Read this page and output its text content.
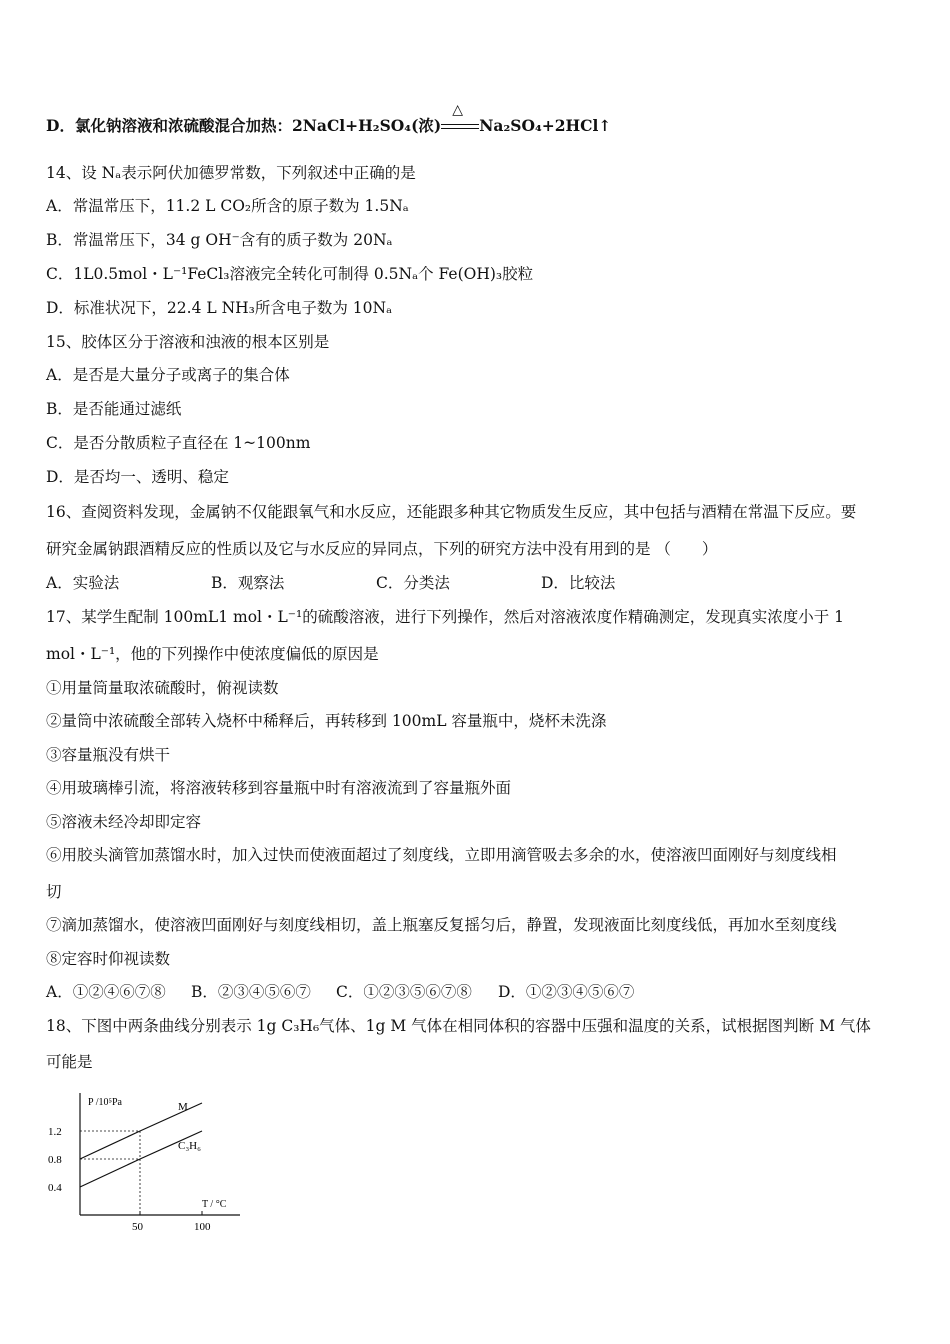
D．氯化钠溶液和浓硫酸混合加热：2NaCl+H₂SO₄(浓)
△
Na₂SO₄+2HCl↑
14、设 Nₐ表示阿伏加德罗常数，下列叙述中正确的是
A．常温常压下，11.2 L CO₂所含的原子数为 1.5Nₐ
B．常温常压下，34 g OH⁻含有的质子数为 20Nₐ
C．1L0.5mol・L⁻¹FeCl₃溶液完全转化可制得 0.5Nₐ个 Fe(OH)₃胶粒
D．标准状况下，22.4 L NH₃所含电子数为 10Nₐ
15、胶体区分于溶液和浊液的根本区别是
A．是否是大量分子或离子的集合体
B．是否能通过滤纸
C．是否分散质粒子直径在 1~100nm
D．是否均一、透明、稳定
16、查阅资料发现，金属钠不仅能跟氧气和水反应，还能跟多种其它物质发生反应，其中包括与酒精在常温下反应。要
研究金属钠跟酒精反应的性质以及它与水反应的异同点，下列的研究方法中没有用到的是 （　　）
A．实验法	B．观察法	C．分类法	D．比较法
17、某学生配制 100mL1 mol・L⁻¹的硫酸溶液，进行下列操作，然后对溶液浓度作精确测定，发现真实浓度小于 1
mol・L⁻¹，他的下列操作中使浓度偏低的原因是
①用量筒量取浓硫酸时，俯视读数
②量筒中浓硫酸全部转入烧杯中稀释后，再转移到 100mL 容量瓶中，烧杯未洗涤
③容量瓶没有烘干
④用玻璃棒引流，将溶液转移到容量瓶中时有溶液流到了容量瓶外面
⑤溶液未经冷却即定容
⑥用胶头滴管加蒸馏水时，加入过快而使液面超过了刻度线，立即用滴管吸去多余的水，使溶液凹面刚好与刻度线相
切
⑦滴加蒸馏水，使溶液凹面刚好与刻度线相切，盖上瓶塞反复摇匀后，静置，发现液面比刻度线低，再加水至刻度线
⑧定容时仰视读数
A．①②④⑥⑦⑧ B．②③④⑤⑥⑦ C．①②③⑤⑥⑦⑧ D．①②③④⑤⑥⑦
18、下图中两条曲线分别表示 1g C₃H₆气体、1g M 气体在相同体积的容器中压强和温度的关系，试根据图判断 M 气体
可能是
P /10⁵Pa
T / °C
0.4
0.8
1.2
50	100
M
C₃H₆
